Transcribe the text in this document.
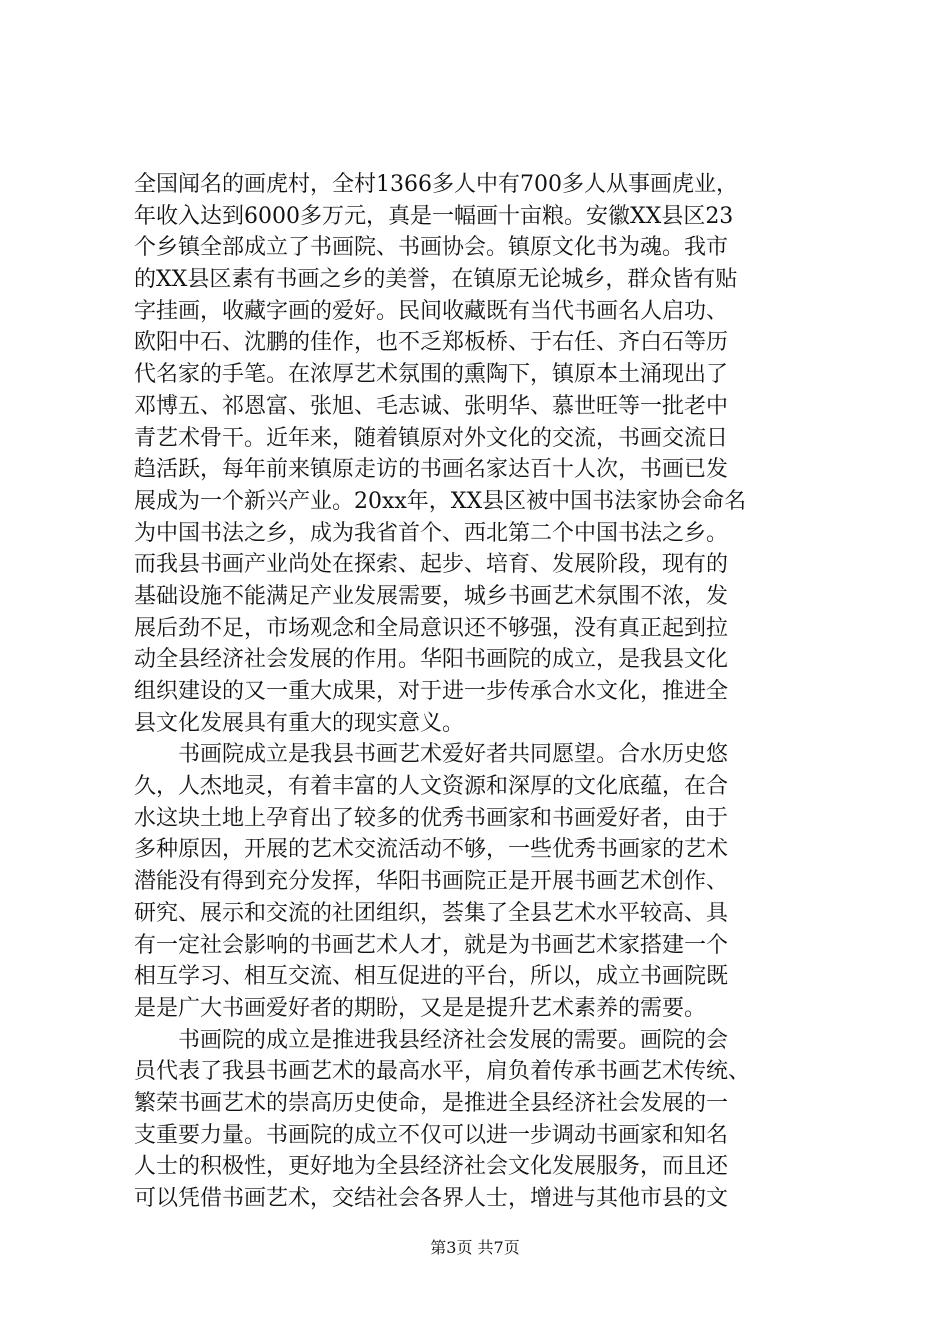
全国闻名的画虎村，全村1366多人中有700多人从事画虎业，
年收入达到6000多万元，真是一幅画十亩粮。安徽XX县区23
个乡镇全部成立了书画院、书画协会。镇原文化书为魂。我市
的XX县区素有书画之乡的美誉，在镇原无论城乡，群众皆有贴
字挂画，收藏字画的爱好。民间收藏既有当代书画名人启功、
欧阳中石、沈鹏的佳作，也不乏郑板桥、于右任、齐白石等历
代名家的手笔。在浓厚艺术氛围的熏陶下，镇原本土涌现出了
邓博五、祁恩富、张旭、毛志诚、张明华、慕世旺等一批老中
青艺术骨干。近年来，随着镇原对外文化的交流，书画交流日
趋活跃，每年前来镇原走访的书画名家达百十人次，书画已发
展成为一个新兴产业。20xx年，XX县区被中国书法家协会命名
为中国书法之乡，成为我省首个、西北第二个中国书法之乡。
而我县书画产业尚处在探索、起步、培育、发展阶段，现有的
基础设施不能满足产业发展需要，城乡书画艺术氛围不浓，发
展后劲不足，市场观念和全局意识还不够强，没有真正起到拉
动全县经济社会发展的作用。华阳书画院的成立，是我县文化
组织建设的又一重大成果，对于进一步传承合水文化，推进全
县文化发展具有重大的现实意义。
　　书画院成立是我县书画艺术爱好者共同愿望。合水历史悠
久，人杰地灵，有着丰富的人文资源和深厚的文化底蕴，在合
水这块土地上孕育出了较多的优秀书画家和书画爱好者，由于
多种原因，开展的艺术交流活动不够，一些优秀书画家的艺术
潜能没有得到充分发挥，华阳书画院正是开展书画艺术创作、
研究、展示和交流的社团组织，荟集了全县艺术水平较高、具
有一定社会影响的书画艺术人才，就是为书画艺术家搭建一个
相互学习、相互交流、相互促进的平台，所以，成立书画院既
是是广大书画爱好者的期盼，又是是提升艺术素养的需要。
　　书画院的成立是推进我县经济社会发展的需要。画院的会
员代表了我县书画艺术的最高水平，肩负着传承书画艺术传统、
繁荣书画艺术的崇高历史使命，是推进全县经济社会发展的一
支重要力量。书画院的成立不仅可以进一步调动书画家和知名
人士的积极性，更好地为全县经济社会文化发展服务，而且还
可以凭借书画艺术，交结社会各界人士，增进与其他市县的文
第3页 共7页
